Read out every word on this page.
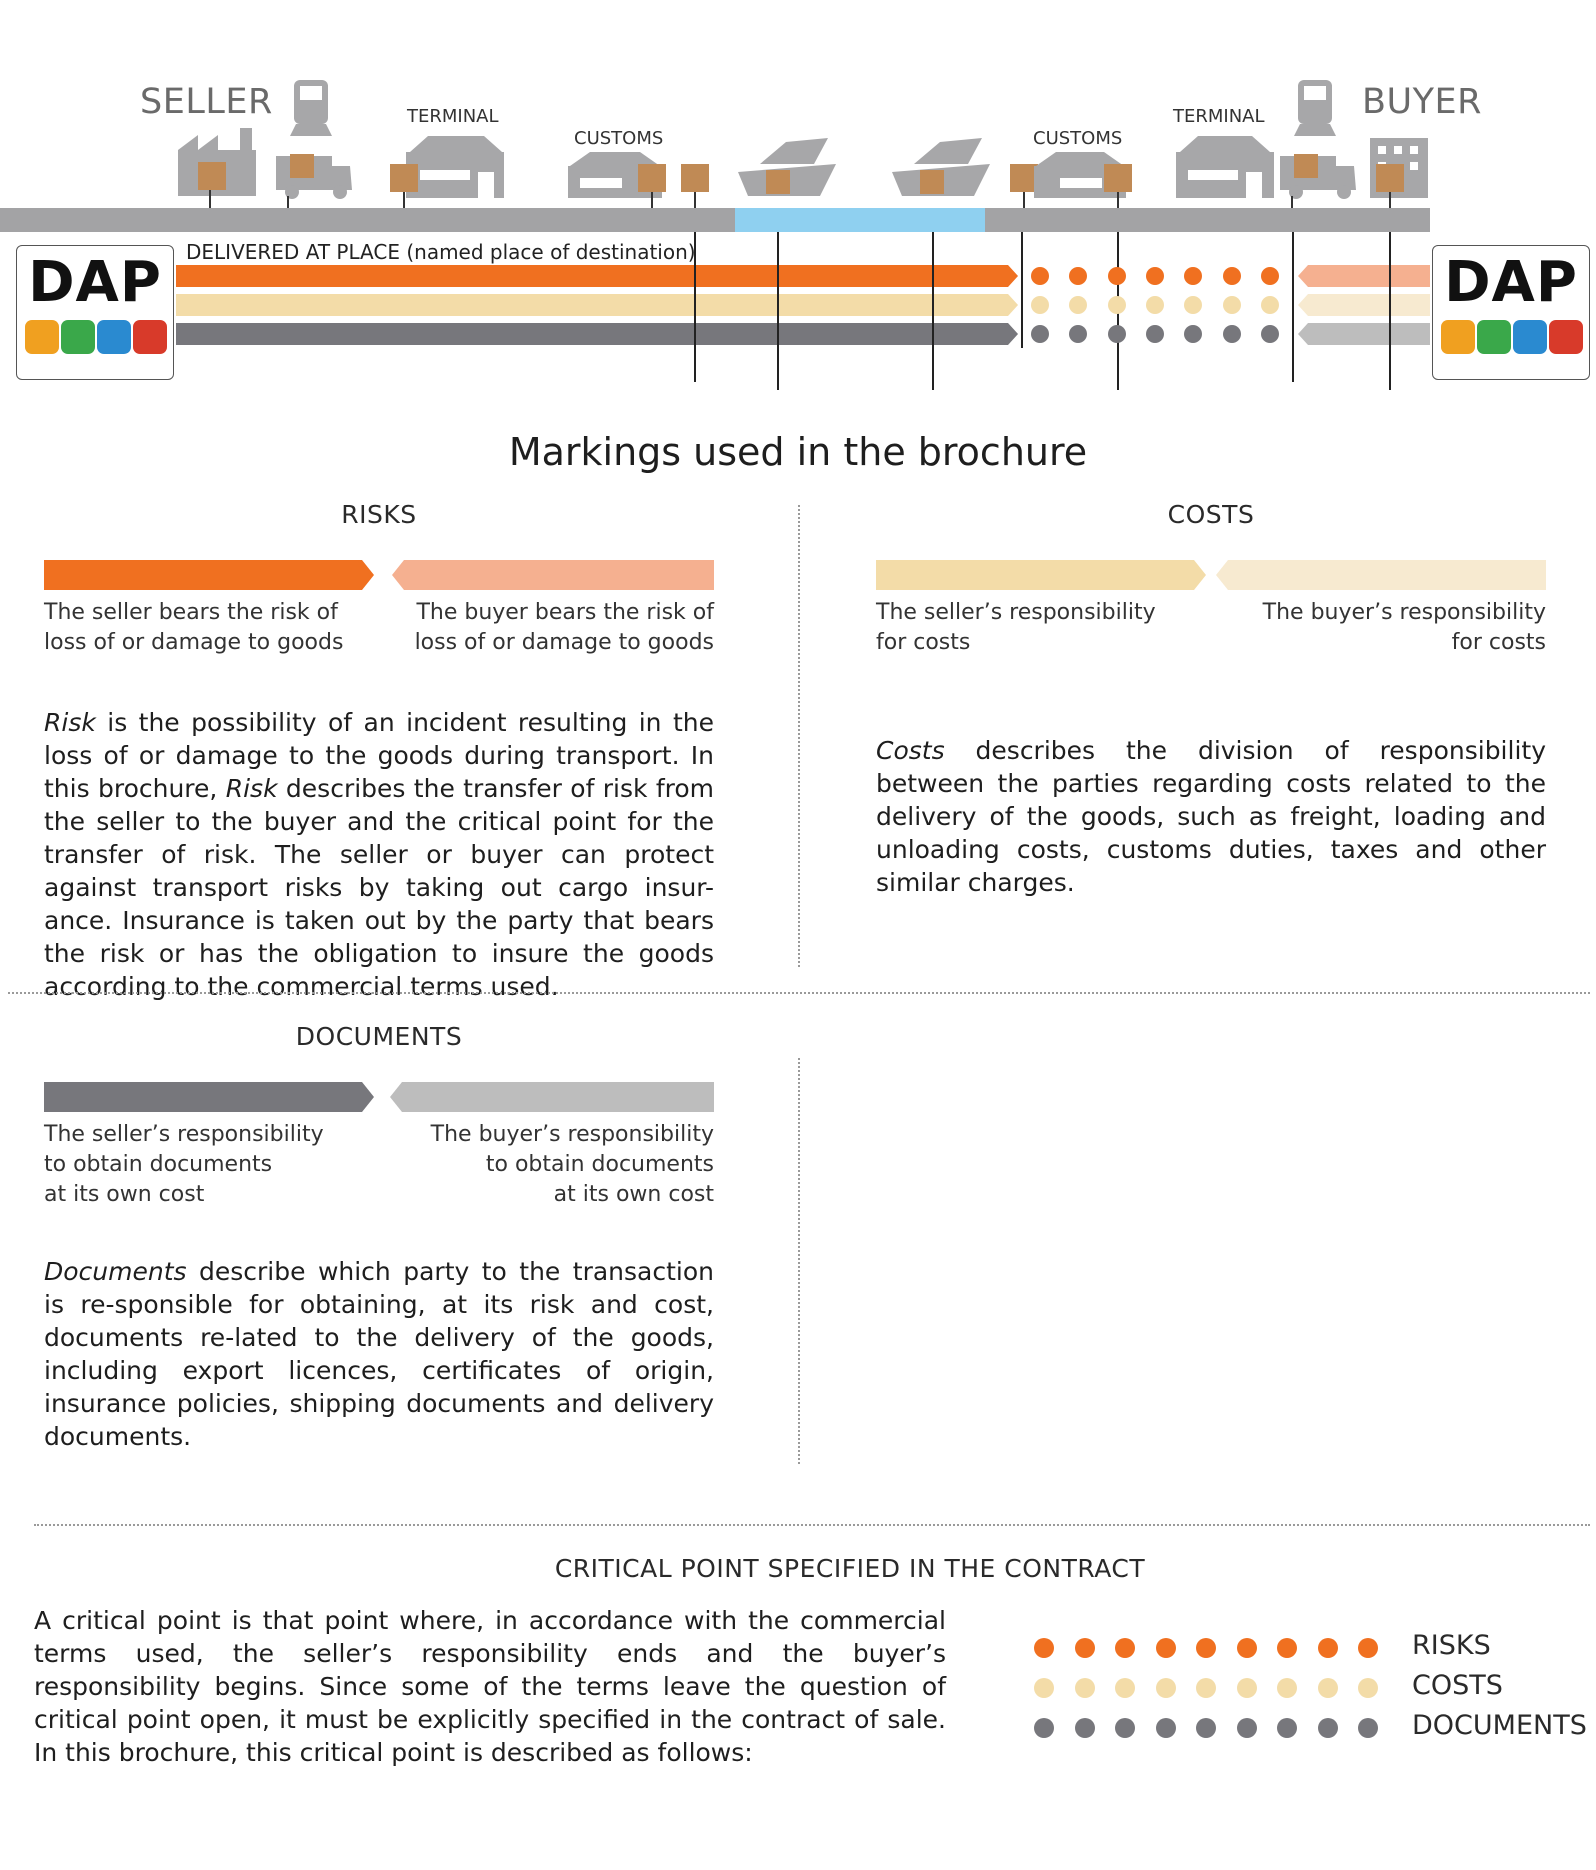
SELLER	BUYER
TERMINAL
CUSTOMS	CUSTOMS
TERMINAL
DELIVERED AT PLACE (named place of destination)
DAP	DAP
Markings used in the brochure
RISKS
The seller bears the risk of
loss of or damage to goods
The buyer bears the risk of
loss of or damage to goods
Risk is the possibility of an incident resulting in the loss of or damage to the goods during transport. In this brochure, Risk describes the transfer of risk from the seller to the buyer and the critical point for the transfer of risk. The seller or buyer can protect against transport risks by taking out cargo insur-ance. Insurance is taken out by the party that bears the risk or has the obligation to insure the goods according to the commercial terms used.
COSTS
The seller’s responsibility
for costs
The buyer’s responsibility
for costs
Costs describes the division of responsibility between the parties regarding costs related to the delivery of the goods, such as freight, loading and unloading costs, customs duties, taxes and other similar charges.
DOCUMENTS
The seller’s responsibility
to obtain documents
at its own cost
The buyer’s responsibility
to obtain documents
at its own cost
Documents describe which party to the transaction is re-sponsible for obtaining, at its risk and cost, documents re-lated to the delivery of the goods, including export licences, certificates of origin, insurance policies, shipping documents and delivery documents.
CRITICAL POINT SPECIFIED IN THE CONTRACT
A critical point is that point where, in accordance with the commercial terms used, the seller’s responsibility ends and the buyer’s responsibility begins. Since some of the terms leave the question of critical point open, it must be explicitly specified in the contract of sale. In this brochure, this critical point is described as follows:
RISKS
COSTS
DOCUMENTS
